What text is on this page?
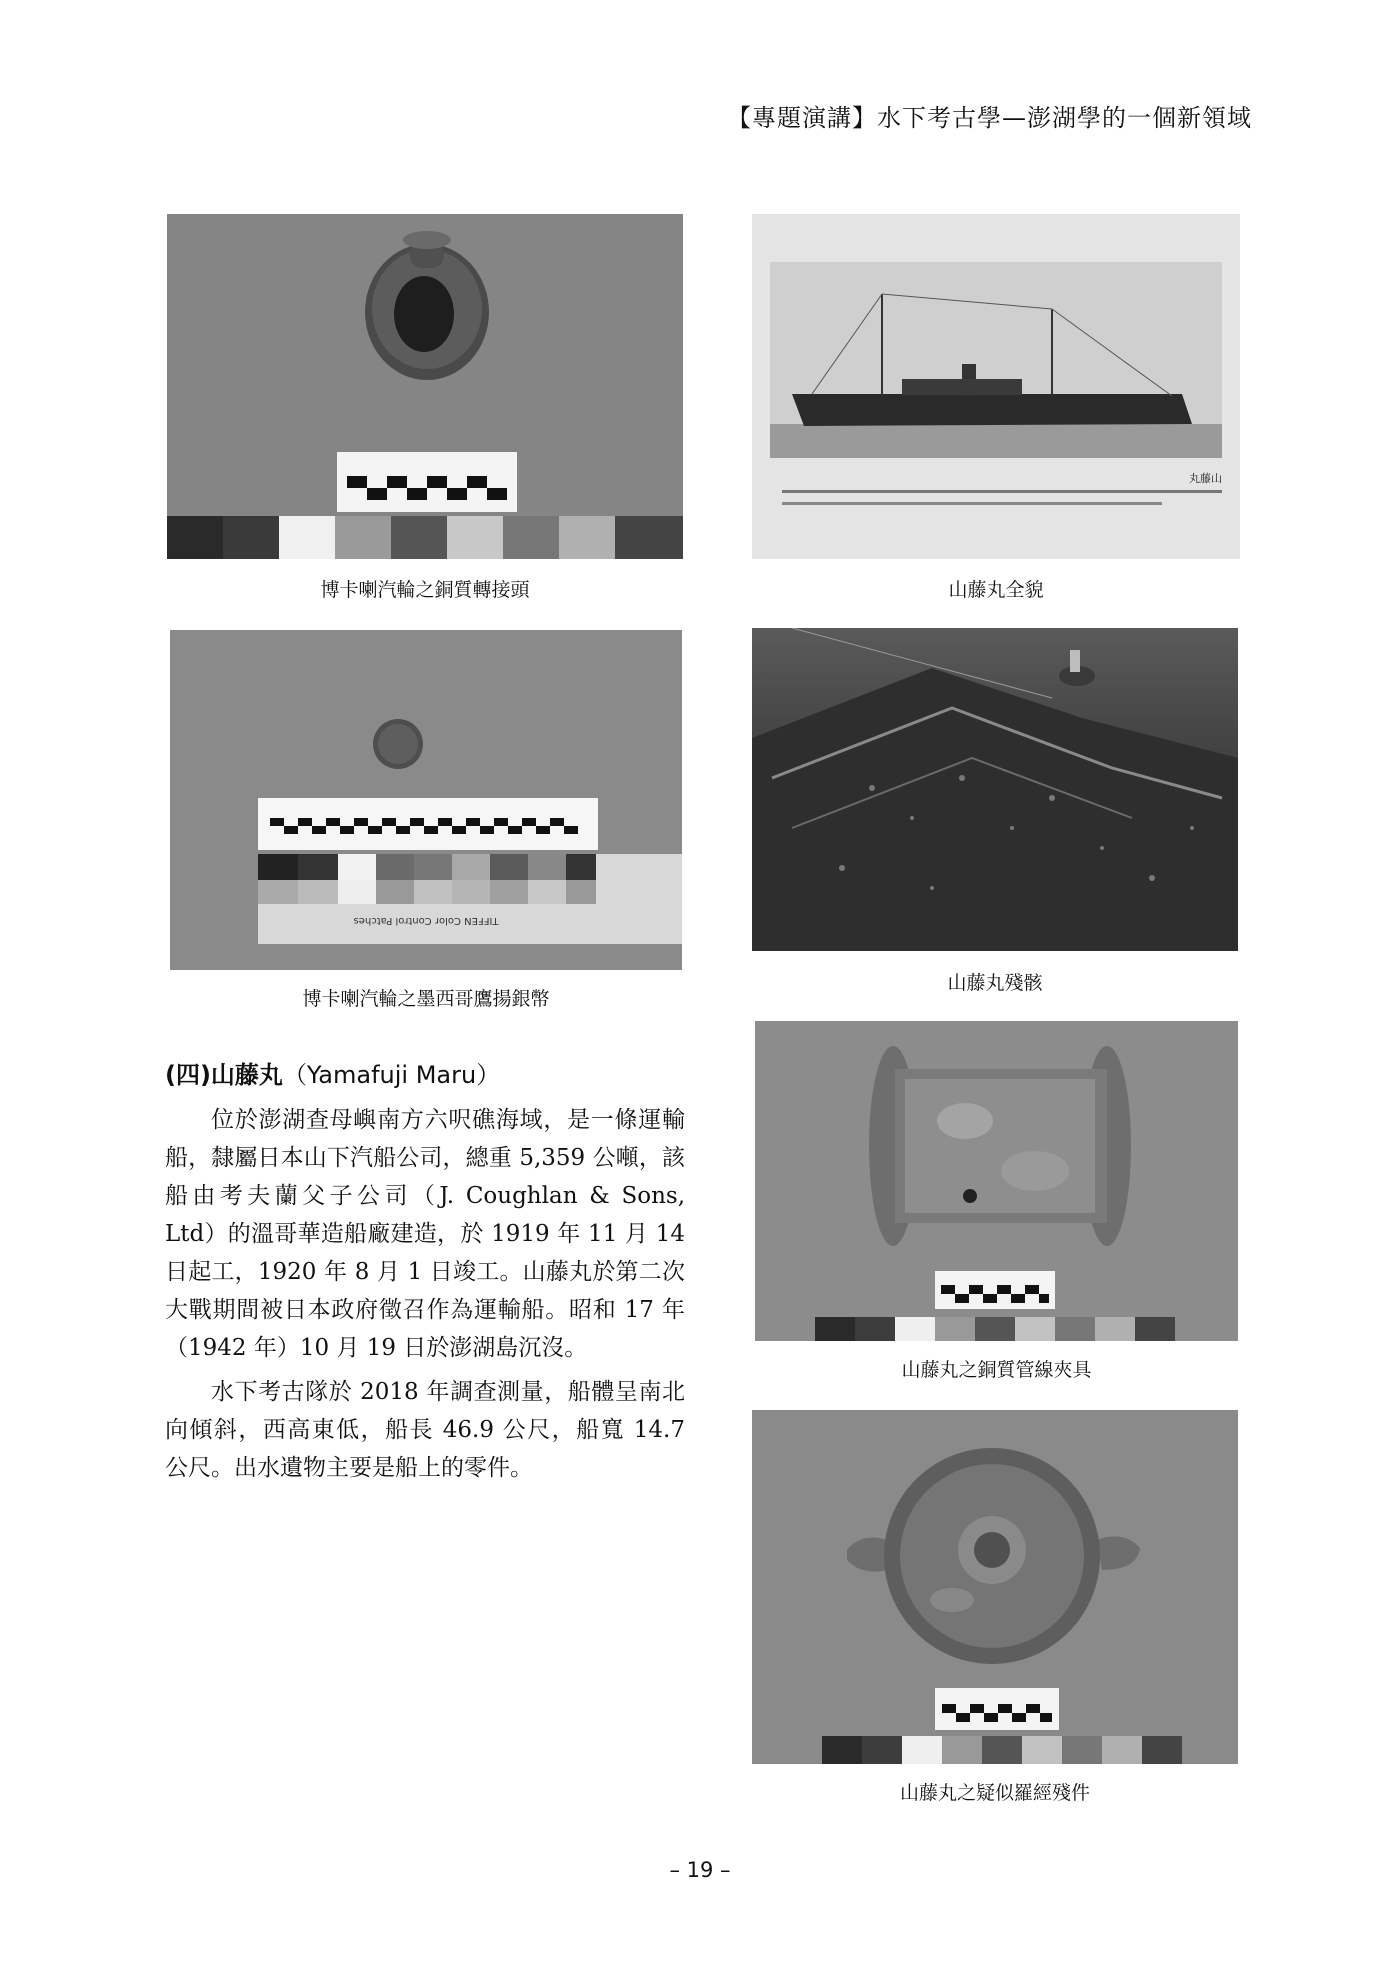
【專題演講】水下考古學—澎湖學的一個新領域
博卡喇汽輪之銅質轉接頭
丸藤山
山藤丸全貌
TIFFEN Color Control Patches
博卡喇汽輪之墨西哥鷹揚銀幣
山藤丸殘骸
(四)山藤丸（Yamafuji Maru）

位於澎湖查母嶼南方六呎礁海域，是一條運輸船，隸屬日本山下汽船公司，總重 5,359 公噸，該船由考夫蘭父子公司（J. Coughlan & Sons, Ltd）的溫哥華造船廠建造，於 1919 年 11 月 14 日起工，1920 年 8 月 1 日竣工。山藤丸於第二次大戰期間被日本政府徵召作為運輸船。昭和 17 年（1942 年）10 月 19 日於澎湖島沉沒。

水下考古隊於 2018 年調查測量，船體呈南北向傾斜，西高東低，船長 46.9 公尺，船寬 14.7 公尺。出水遺物主要是船上的零件。

山藤丸之銅質管線夾具
山藤丸之疑似羅經殘件
– 19 –
